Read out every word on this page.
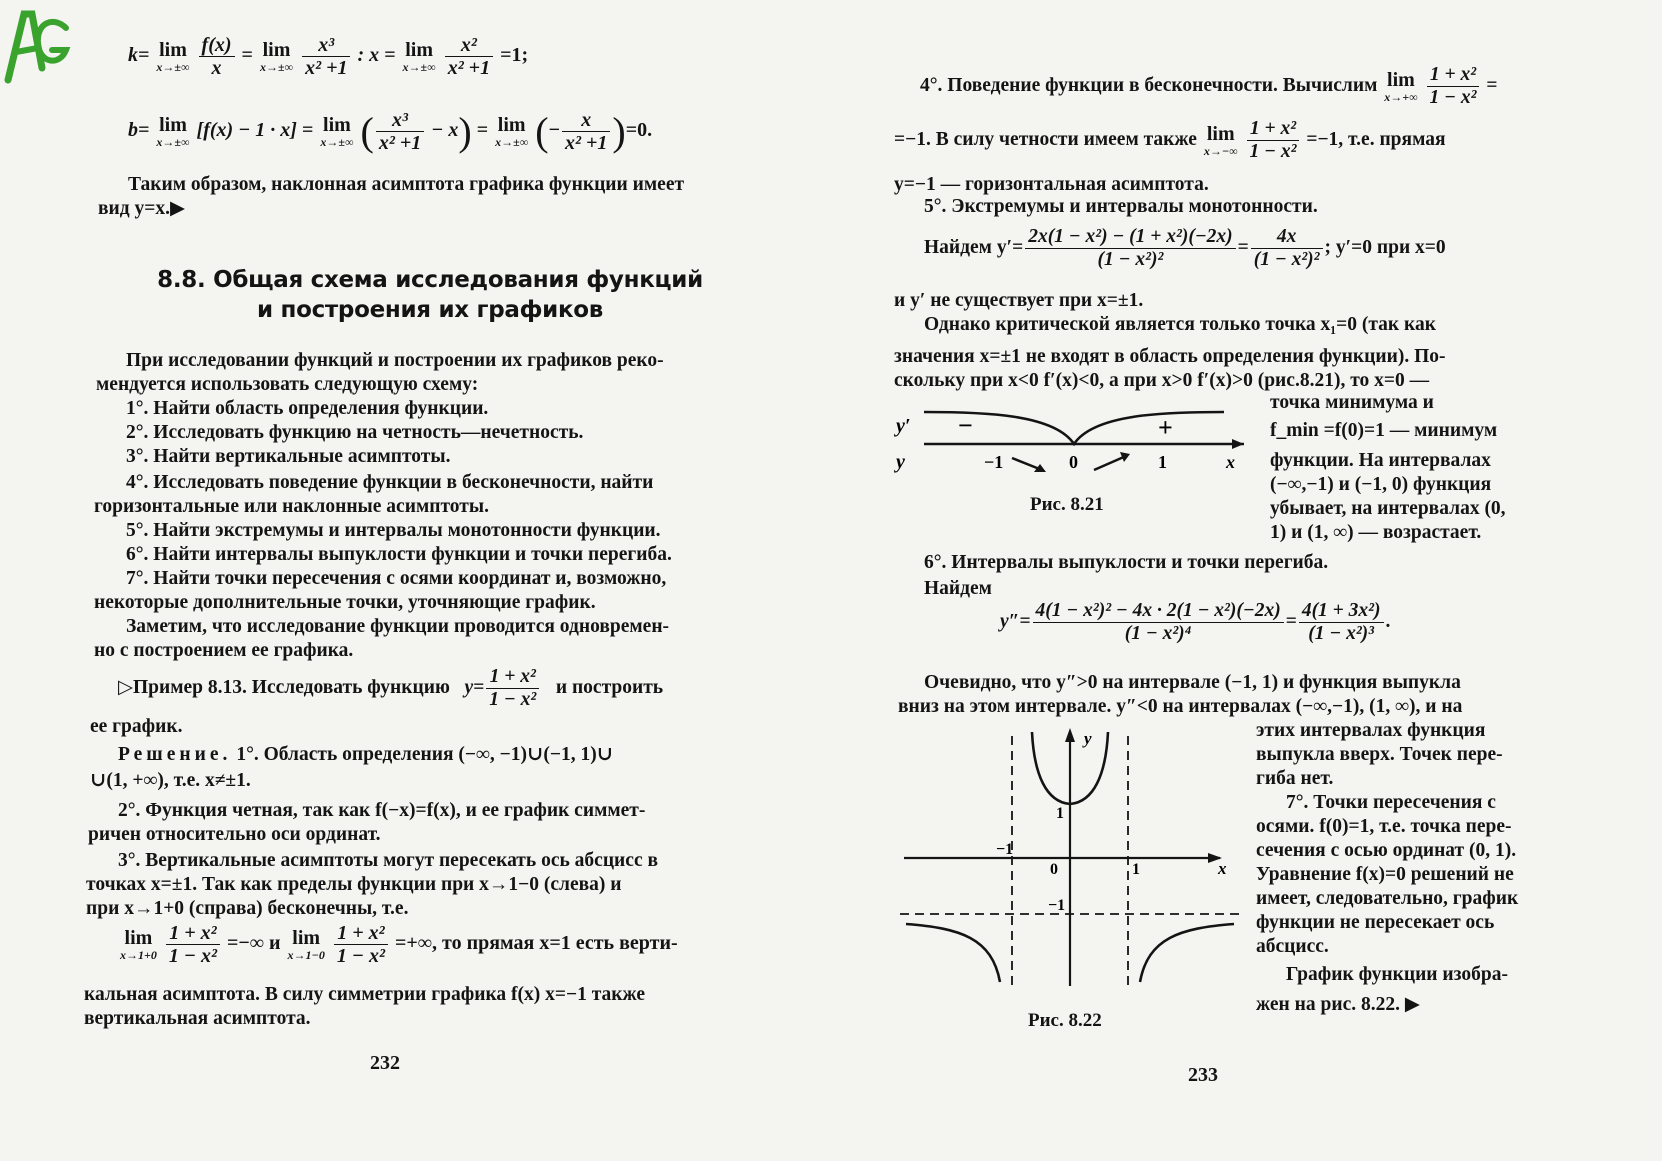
k= lim
x→±∞
$\frac{f(x)}{x} = \lim$
x→±∞
$\frac{\text{x³}}{\text{x² +1}}$ : x = lim
x→±∞
$\frac{\text{x²}}{\text{x² +1}} =1$;
b= lim
x→±∞
[f(x) − 1 · x] = lim
x→±∞ ( $\frac{\text{x³}}{\text{x² +1}} - x) = \lim$
x→±∞ (− $\frac{x}{\text{x² +1}} )=0$.
Таким образом, наклонная асимптота графика функции имеет
вид y=x.▶
8.8. Общая схема исследования функций
и построения их графиков
При исследовании функций и построении их графиков реко-
мендуется использовать следующую схему:
1°. Найти область определения функции.
2°. Исследовать функцию на четность—нечетность.
3°. Найти вертикальные асимптоты.
4°. Исследовать поведение функции в бесконечности, найти
горизонтальные или наклонные асимптоты.
5°. Найти экстремумы и интервалы монотонности функции.
6°. Найти интервалы выпуклости функции и точки перегиба.
7°. Найти точки пересечения с осями координат и, возможно,
некоторые дополнительные точки, уточняющие график.
Заметим, что исследование функции проводится одновремен-
но с построением ее графика.
▷Пример 8.13. Исследовать функцию $y= \frac{\text{1 + x²}}{\text{1 − x²}}$ и построить
ее график.
Решение. 1°. Область определения (−∞, −1)∪(−1, 1)∪
∪(1, +∞), т.е. x≠±1.
2°. Функция четная, так как f(−x)=f(x), и ее график симмет-
ричен относительно оси ординат.
3°. Вертикальные асимптоты могут пересекать ось абсцисс в
точках x=±1. Так как пределы функции при x→1−0 (слева) и
при x→1+0 (справа) бесконечны, т.е.
lim
x→1+0
$\frac{\text{1 + x²}}{\text{1 − x²}}$ =−∞ и lim
x→1−0
$\frac{\text{1 + x²}}{\text{1 − x²}}$ =+∞, то прямая x=1 есть верти-
кальная асимптота. В силу симметрии графика f(x) x=−1 также
вертикальная асимптота.
232
4°. Поведение функции в бесконечности. Вычислим lim
x→+∞
$\frac{\text{1 + x²}}{\text{1 − x²}}$ =
=−1. В силу четности имеем также lim
x→−∞
$\frac{\text{1 + x²}}{\text{1 − x²}} =-1$, т.е. прямая
y=−1 — горизонтальная асимптота.
5°. Экстремумы и интервалы монотонности.
Найдем $y'= \frac{\text{2x(1 − x²) − (1 + x²)(−2x)}}{\text{(1 − x²)²}} = \frac{4x}{\text{(1 − x²)²}}$ ; y′=0 при x=0
и y′ не существует при x=±1.
Однако критической является только точка x₁=0 (так как
значения x=±1 не входят в область определения функции). По-
скольку при x<0 f′(x)<0, а при x>0 f′(x)>0 (рис.8.21), то x=0 —
точка минимума и
f_min =f(0)=1 — минимум
функции. На интервалах
(−∞,−1) и (−1, 0) функция
убывает, на интервалах (0,
1) и (1, ∞) — возрастает.
y′
y
−	+
−1	0	1	x
Рис. 8.21
6°. Интервалы выпуклости и точки перегиба.
Найдем
$y''= \frac{\text{4(1 − x²)² − 4x · 2(1 − x²)(−2x)}}{\text{(1 − x²)⁴}} = \frac{\text{4(1 + 3x²)}}{\text{(1 − x²)³}}$ .
Очевидно, что y″>0 на интервале (−1, 1) и функция выпукла
вниз на этом интервале. y″<0 на интервалах (−∞,−1), (1, ∞), и на
этих интервалах функция
выпукла вверх. Точек пере-
гиба нет.
7°. Точки пересечения с
осями. f(0)=1, т.е. точка пере-
сечения с осью ординат (0, 1).
Уравнение f(x)=0 решений не
имеет, следовательно, график
функции не пересекает ось
абсцисс.
График функции изобра-
жен на рис. 8.22. ▶
y
x
1
−1
0	1
−1
Рис. 8.22
233
